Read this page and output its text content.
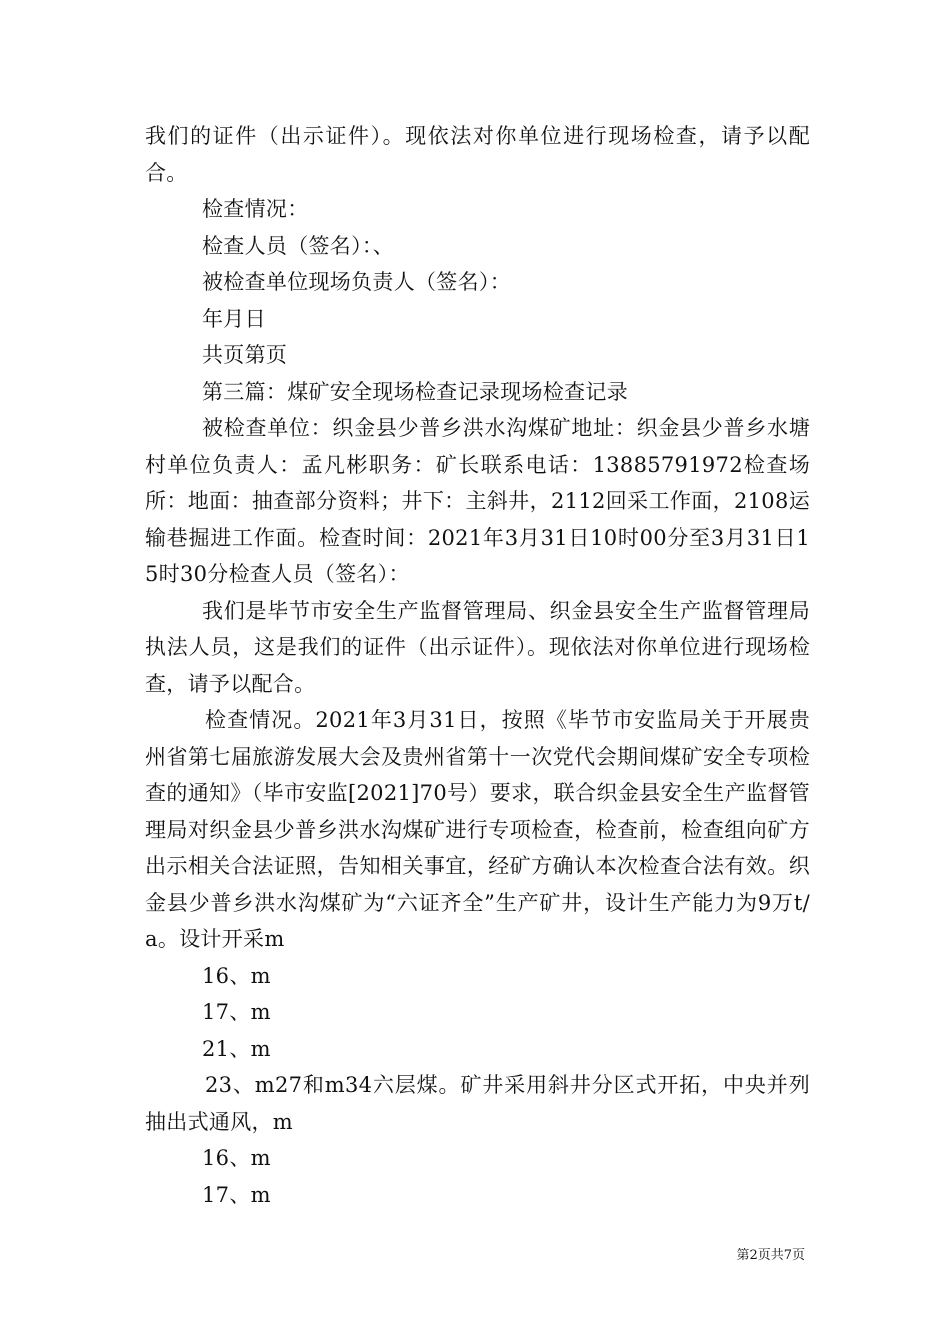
我们的证件（出示证件）。现依法对你单位进行现场检查，请予以配合。

检查情况：

检查人员（签名）：、

被检查单位现场负责人（签名）：

年月日

共页第页

第三篇：煤矿安全现场检查记录现场检查记录

被检查单位：织金县少普乡洪水沟煤矿地址：织金县少普乡水塘村单位负责人：孟凡彬职务：矿长联系电话：13885791972检查场所：地面：抽查部分资料；井下：主斜井，2112回采工作面，2108运输巷掘进工作面。检查时间：2021年3月31日10时00分至3月31日15时30分检查人员（签名）：

我们是毕节市安全生产监督管理局、织金县安全生产监督管理局执法人员，这是我们的证件（出示证件）。现依法对你单位进行现场检查，请予以配合。

检查情况。2021年3月31日，按照《毕节市安监局关于开展贵州省第七届旅游发展大会及贵州省第十一次党代会期间煤矿安全专项检查的通知》（毕市安监[2021]70号）要求，联合织金县安全生产监督管理局对织金县少普乡洪水沟煤矿进行专项检查，检查前，检查组向矿方出示相关合法证照，告知相关事宜，经矿方确认本次检查合法有效。织金县少普乡洪水沟煤矿为“六证齐全”生产矿井，设计生产能力为9万t/a。设计开采m

16、m

17、m

21、m

23、m27和m34六层煤。矿井采用斜井分区式开拓，中央并列抽出式通风，m

16、m

17、m

第2页共7页
